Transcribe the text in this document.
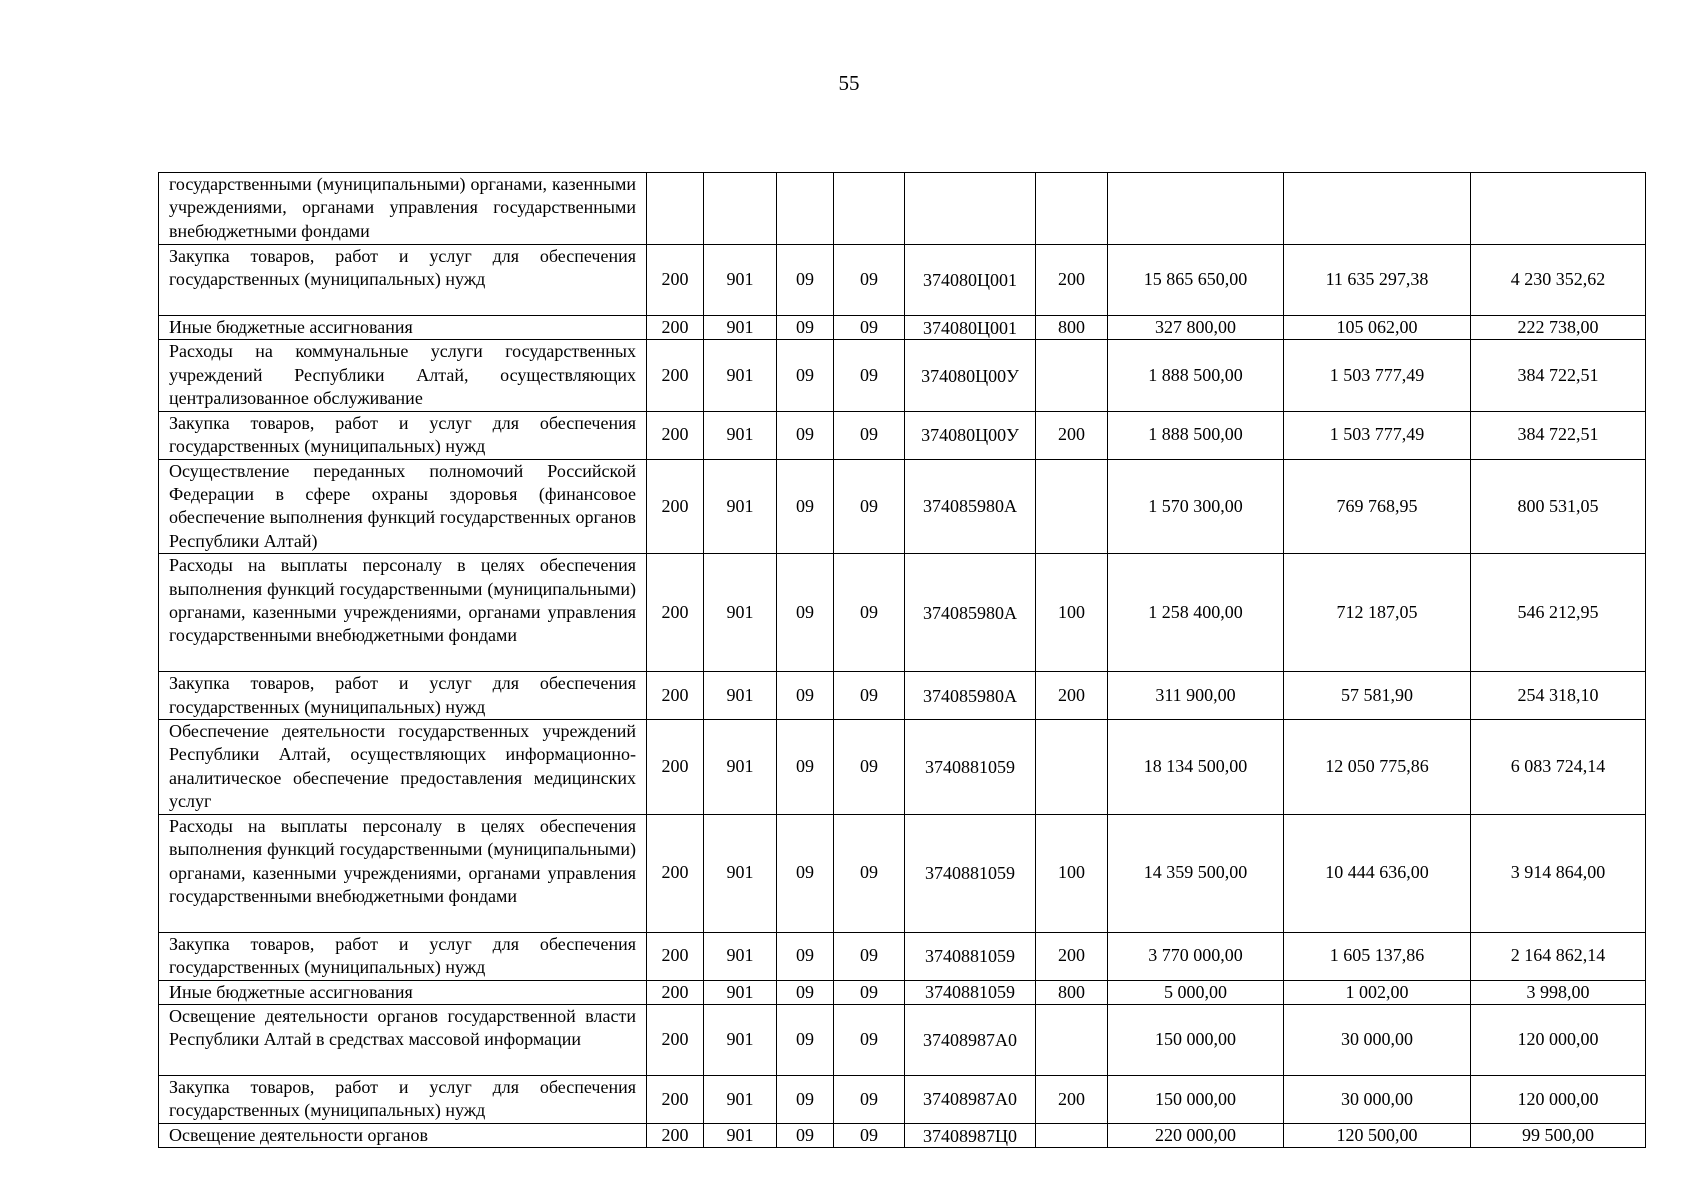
55
государственными (муниципальными) органами, казенными учреждениями, органами управления государственными внебюджетными фондами									
Закупка товаров, работ и услуг для обеспечения государственных (муниципальных) нужд	200	901	09	09	374080Ц001	200	15 865 650,00	11 635 297,38	4 230 352,62
Иные бюджетные ассигнования	200	901	09	09	374080Ц001	800	327 800,00	105 062,00	222 738,00
Расходы на коммунальные услуги государственных учреждений Республики Алтай, осуществляющих централизованное обслуживание	200	901	09	09	374080Ц00У		1 888 500,00	1 503 777,49	384 722,51
Закупка товаров, работ и услуг для обеспечения государственных (муниципальных) нужд	200	901	09	09	374080Ц00У	200	1 888 500,00	1 503 777,49	384 722,51
Осуществление переданных полномочий Российской Федерации в сфере охраны здоровья (финансовое обеспечение выполнения функций государственных органов Республики Алтай)	200	901	09	09	374085980А		1 570 300,00	769 768,95	800 531,05
Расходы на выплаты персоналу в целях обеспечения выполнения функций государственными (муниципальными) органами, казенными учреждениями, органами управления государственными внебюджетными фондами	200	901	09	09	374085980А	100	1 258 400,00	712 187,05	546 212,95
Закупка товаров, работ и услуг для обеспечения государственных (муниципальных) нужд	200	901	09	09	374085980А	200	311 900,00	57 581,90	254 318,10
Обеспечение деятельности государственных учреждений Республики Алтай, осуществляющих информационно-аналитическое обеспечение предоставления медицинских услуг	200	901	09	09	3740881059		18 134 500,00	12 050 775,86	6 083 724,14
Расходы на выплаты персоналу в целях обеспечения выполнения функций государственными (муниципальными) органами, казенными учреждениями, органами управления государственными внебюджетными фондами	200	901	09	09	3740881059	100	14 359 500,00	10 444 636,00	3 914 864,00
Закупка товаров, работ и услуг для обеспечения государственных (муниципальных) нужд	200	901	09	09	3740881059	200	3 770 000,00	1 605 137,86	2 164 862,14
Иные бюджетные ассигнования	200	901	09	09	3740881059	800	5 000,00	1 002,00	3 998,00
Освещение деятельности органов государственной власти Республики Алтай в средствах массовой информации	200	901	09	09	37408987А0		150 000,00	30 000,00	120 000,00
Закупка товаров, работ и услуг для обеспечения государственных (муниципальных) нужд	200	901	09	09	37408987А0	200	150 000,00	30 000,00	120 000,00
Освещение деятельности органов	200	901	09	09	37408987Ц0		220 000,00	120 500,00	99 500,00
